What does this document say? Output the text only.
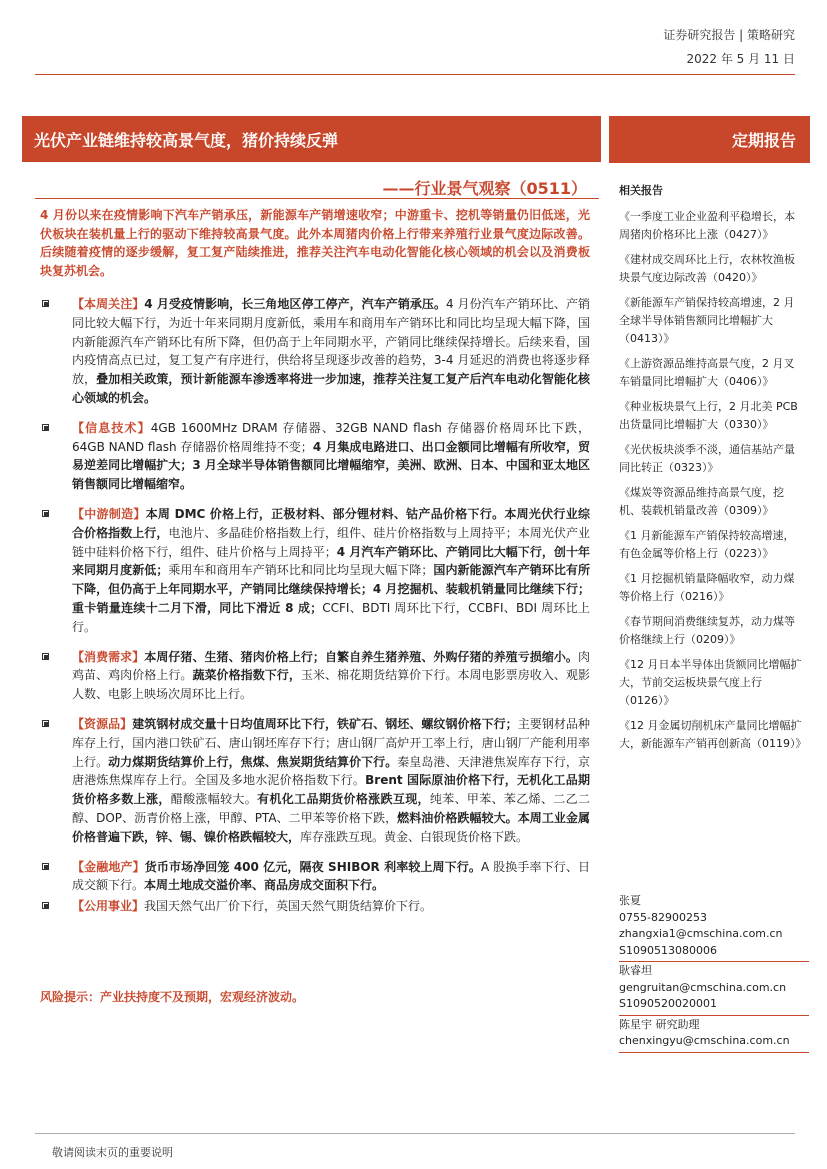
证券研究报告 | 策略研究
2022 年 5 月 11 日
光伏产业链维持较高景气度，猪价持续反弹	定期报告
——行业景气观察（0511）

4 月份以来在疫情影响下汽车产销承压，新能源车产销增速收窄；中游重卡、挖机等销量仍旧低迷，光伏板块在装机量上行的驱动下维持较高景气度。此外本周猪肉价格上行带来养殖行业景气度边际改善。后续随着疫情的逐步缓解，复工复产陆续推进，推荐关注汽车电动化智能化核心领域的机会以及消费板块复苏机会。

【本周关注】4 月受疫情影响，长三角地区停工停产，汽车产销承压。4 月份汽车产销环比、产销同比较大幅下行，为近十年来同期月度新低，乘用车和商用车产销环比和同比均呈现大幅下降，国内新能源汽车产销环比有所下降，但仍高于上年同期水平，产销同比继续保持增长。后续来看，国内疫情高点已过，复工复产有序进行，供给将呈现逐步改善的趋势，3-4 月延迟的消费也将逐步释放，叠加相关政策，预计新能源车渗透率将进一步加速，推荐关注复工复产后汽车电动化智能化核心领域的机会。
【信息技术】4GB 1600MHz DRAM 存储器、32GB NAND flash 存储器价格周环比下跌，64GB NAND flash 存储器价格周维持不变；4 月集成电路进口、出口金额同比增幅有所收窄，贸易逆差同比增幅扩大；3 月全球半导体销售额同比增幅缩窄，美洲、欧洲、日本、中国和亚太地区销售额同比增幅缩窄。
【中游制造】本周 DMC 价格上行，正极材料、部分锂材料、钴产品价格下行。本周光伏行业综合价格指数上行，电池片、多晶硅价格指数上行，组件、硅片价格指数与上周持平；本周光伏产业链中硅料价格下行，组件、硅片价格与上周持平；4 月汽车产销环比、产销同比大幅下行，创十年来同期月度新低；乘用车和商用车产销环比和同比均呈现大幅下降；国内新能源汽车产销环比有所下降，但仍高于上年同期水平，产销同比继续保持增长；4 月挖掘机、装载机销量同比继续下行；重卡销量连续十二月下滑，同比下滑近 8 成；CCFI、BDTI 周环比下行，CCBFI、BDI 周环比上行。
【消费需求】本周仔猪、生猪、猪肉价格上行；自繁自养生猪养殖、外购仔猪的养殖亏损缩小。肉鸡苗、鸡肉价格上行。蔬菜价格指数下行，玉米、棉花期货结算价下行。本周电影票房收入、观影人数、电影上映场次周环比上行。
【资源品】建筑钢材成交量十日均值周环比下行，铁矿石、钢坯、螺纹钢价格下行；主要钢材品种库存上行，国内港口铁矿石、唐山钢坯库存下行；唐山钢厂高炉开工率上行，唐山钢厂产能利用率上行。动力煤期货结算价上行，焦煤、焦炭期货结算价下行。秦皇岛港、天津港焦炭库存下行，京唐港炼焦煤库存上行。全国及多地水泥价格指数下行。Brent 国际原油价格下行，无机化工品期货价格多数上涨，醋酸涨幅较大。有机化工品期货价格涨跌互现，纯苯、甲苯、苯乙烯、二乙二醇、DOP、沥青价格上涨，甲醇、PTA、二甲苯等价格下跌，燃料油价格跌幅较大。本周工业金属价格普遍下跌，锌、锡、镍价格跌幅较大，库存涨跌互现。黄金、白银现货价格下跌。
【金融地产】货币市场净回笼 400 亿元，隔夜 SHIBOR 利率较上周下行。A 股换手率下行、日成交额下行。本周土地成交溢价率、商品房成交面积下行。
【公用事业】我国天然气出厂价下行，英国天然气期货结算价下行。
风险提示：产业扶持度不及预期，宏观经济波动。
相关报告
《一季度工业企业盈利平稳增长，本周猪肉价格环比上涨（0427）》
《建材成交周环比上行，农林牧渔板块景气度边际改善（0420）》
《新能源车产销保持较高增速，2 月全球半导体销售额同比增幅扩大（0413）》
《上游资源品维持高景气度，2 月叉车销量同比增幅扩大（0406）》
《种业板块景气上行，2 月北美 PCB 出货量同比增幅扩大（0330）》
《光伏板块淡季不淡，通信基站产量同比转正（0323）》
《煤炭等资源品维持高景气度，挖机、装载机销量改善（0309）》
《1 月新能源车产销保持较高增速，有色金属等价格上行（0223）》
《1 月挖掘机销量降幅收窄，动力煤等价格上行（0216）》
《春节期间消费继续复苏，动力煤等价格继续上行（0209）》
《12 月日本半导体出货额同比增幅扩大，节前交运板块景气度上行（0126）》
《12 月金属切削机床产量同比增幅扩大，新能源车产销再创新高（0119）》
张夏
0755-82900253
zhangxia1@cmschina.com.cn
S1090513080006
耿睿坦
gengruitan@cmschina.com.cn
S1090520020001
陈星宇 研究助理
chenxingyu@cmschina.com.cn
敬请阅读末页的重要说明
